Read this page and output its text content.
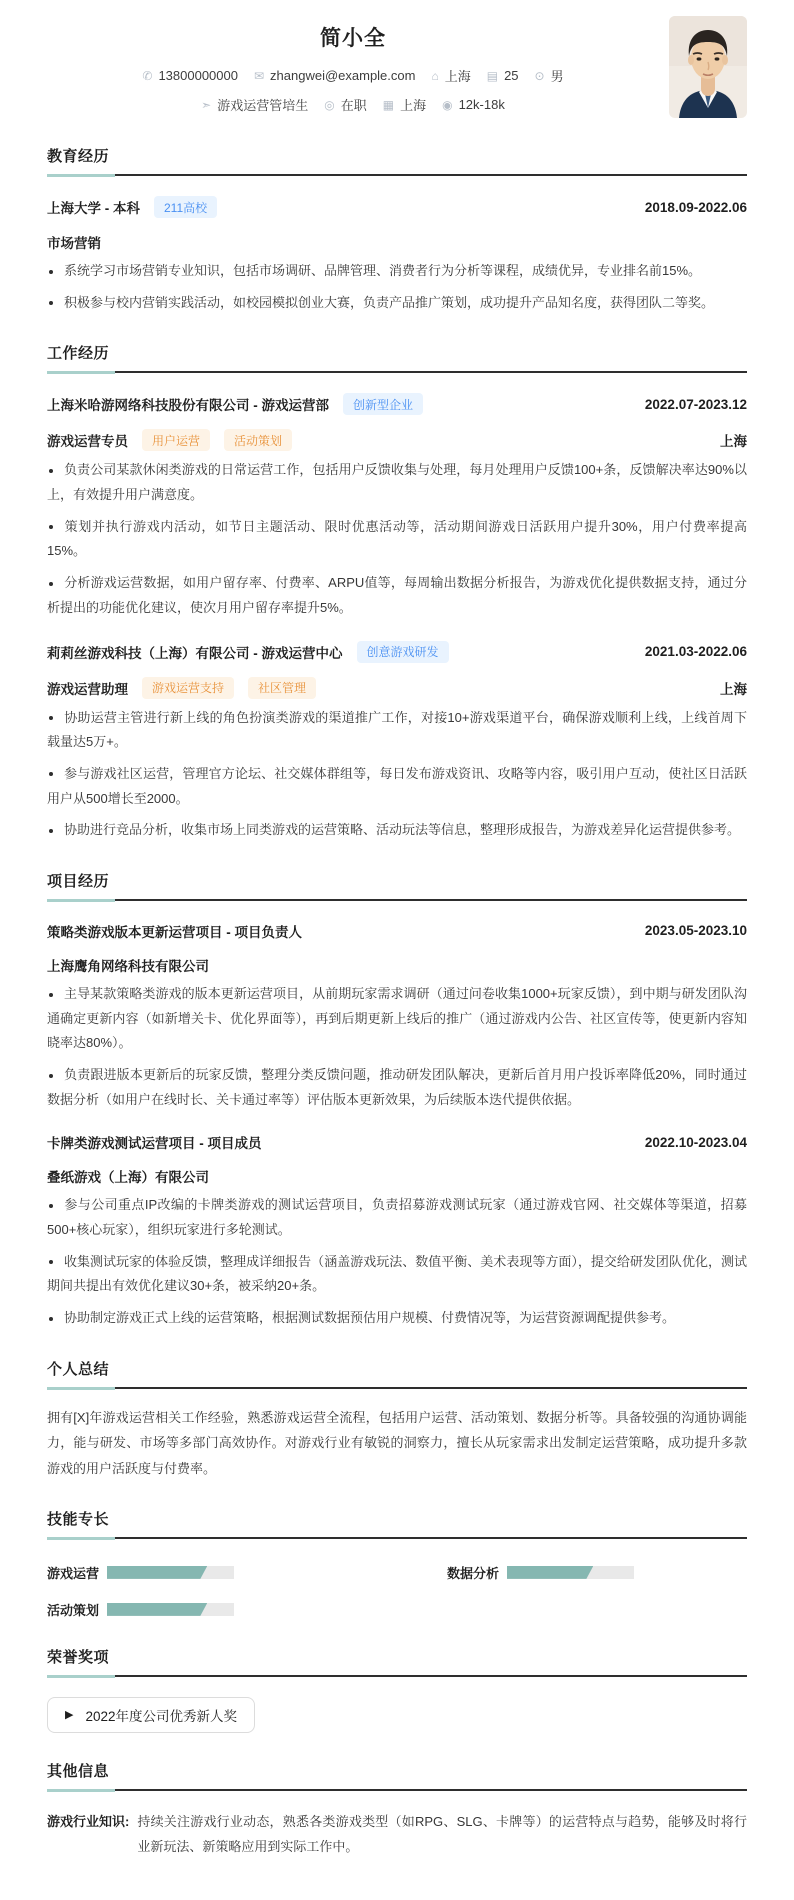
简小全
✆ 13800000000 ✉ zhangwei@example.com ⌂ 上海 ▤ 25 ⊙ 男
➣ 游戏运营管培生 ◎ 在职 ▦ 上海 ◉ 12k-18k
教育经历
上海大学 - 本科	211高校	2018.09-2022.06
市场营销
系统学习市场营销专业知识，包括市场调研、品牌管理、消费者行为分析等课程，成绩优异，专业排名前15%。
积极参与校内营销实践活动，如校园模拟创业大赛，负责产品推广策划，成功提升产品知名度，获得团队二等奖。
工作经历
上海米哈游网络科技股份有限公司 - 游戏运营部	创新型企业	2022.07-2023.12
游戏运营专员	用户运营	活动策划	上海
负责公司某款休闲类游戏的日常运营工作，包括用户反馈收集与处理，每月处理用户反馈100+条，反馈解决率达90%以上，有效提升用户满意度。
策划并执行游戏内活动，如节日主题活动、限时优惠活动等，活动期间游戏日活跃用户提升30%，用户付费率提高15%。
分析游戏运营数据，如用户留存率、付费率、ARPU值等，每周输出数据分析报告，为游戏优化提供数据支持，通过分析提出的功能优化建议，使次月用户留存率提升5%。
莉莉丝游戏科技（上海）有限公司 - 游戏运营中心	创意游戏研发	2021.03-2022.06
游戏运营助理	游戏运营支持	社区管理	上海
协助运营主管进行新上线的角色扮演类游戏的渠道推广工作，对接10+游戏渠道平台，确保游戏顺利上线，上线首周下载量达5万+。
参与游戏社区运营，管理官方论坛、社交媒体群组等，每日发布游戏资讯、攻略等内容，吸引用户互动，使社区日活跃用户从500增长至2000。
协助进行竞品分析，收集市场上同类游戏的运营策略、活动玩法等信息，整理形成报告，为游戏差异化运营提供参考。
项目经历
策略类游戏版本更新运营项目 - 项目负责人	2023.05-2023.10
上海鹰角网络科技有限公司
主导某款策略类游戏的版本更新运营项目，从前期玩家需求调研（通过问卷收集1000+玩家反馈），到中期与研发团队沟通确定更新内容（如新增关卡、优化界面等），再到后期更新上线后的推广（通过游戏内公告、社区宣传等，使更新内容知晓率达80%）。
负责跟进版本更新后的玩家反馈，整理分类反馈问题，推动研发团队解决，更新后首月用户投诉率降低20%，同时通过数据分析（如用户在线时长、关卡通过率等）评估版本更新效果，为后续版本迭代提供依据。
卡牌类游戏测试运营项目 - 项目成员	2022.10-2023.04
叠纸游戏（上海）有限公司
参与公司重点IP改编的卡牌类游戏的测试运营项目，负责招募游戏测试玩家（通过游戏官网、社交媒体等渠道，招募500+核心玩家），组织玩家进行多轮测试。
收集测试玩家的体验反馈，整理成详细报告（涵盖游戏玩法、数值平衡、美术表现等方面），提交给研发团队优化，测试期间共提出有效优化建议30+条，被采纳20+条。
协助制定游戏正式上线的运营策略，根据测试数据预估用户规模、付费情况等，为运营资源调配提供参考。
个人总结

拥有[X]年游戏运营相关工作经验，熟悉游戏运营全流程，包括用户运营、活动策划、数据分析等。具备较强的沟通协调能力，能与研发、市场等多部门高效协作。对游戏行业有敏锐的洞察力，擅长从玩家需求出发制定运营策略，成功提升多款游戏的用户活跃度与付费率。

技能专长
游戏运营	数据分析
活动策划
荣誉奖项
▶ 2022年度公司优秀新人奖
其他信息
游戏行业知识: 持续关注游戏行业动态，熟悉各类游戏类型（如RPG、SLG、卡牌等）的运营特点与趋势，能够及时将行业新玩法、新策略应用到实际工作中。
